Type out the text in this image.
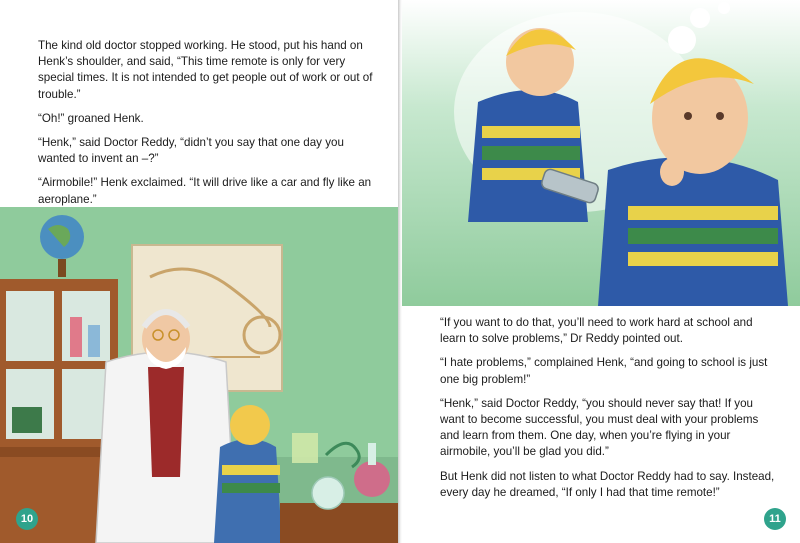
The kind old doctor stopped working. He stood, put his hand on Henk’s shoulder, and said, “This time remote is only for very special times. It is not intended to get people out of work or out of trouble.”

“Oh!” groaned Henk.

“Henk,” said Doctor Reddy, “didn’t you say that one day you wanted to invent an –?”

“Airmobile!” Henk exclaimed. “It will drive like a car and fly like an aeroplane.”

10

“If you want to do that, you’ll need to work hard at school and learn to solve problems,” Dr Reddy pointed out.

“I hate problems,” complained Henk, “and going to school is just one big problem!”

“Henk,” said Doctor Reddy, “you should never say that! If you want to become successful, you must deal with your problems and learn from them. One day, when you’re flying in your airmobile, you’ll be glad you did.”

But Henk did not listen to what Doctor Reddy had to say. Instead, every day he dreamed, “If only I had that time remote!”

11
